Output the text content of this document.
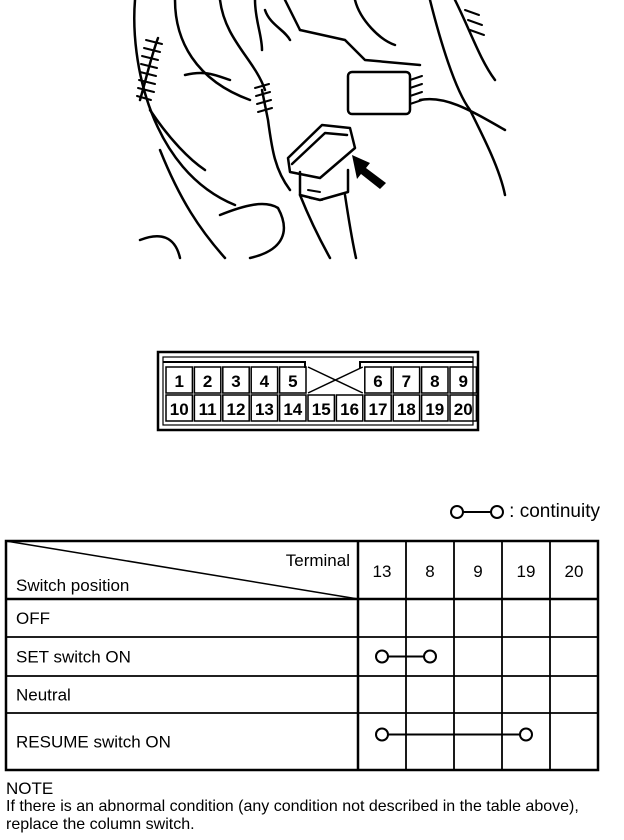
1 2 3 4 5	6 7 8 9
10 11 12 13 14 15 16 17 18 19 20
: continuity
Terminal
Switch position
13 8 9 19 20
OFF
SET switch ON
Neutral
RESUME switch ON
NOTE
If there is an abnormal condition (any condition not described in the table above), replace the column switch.
